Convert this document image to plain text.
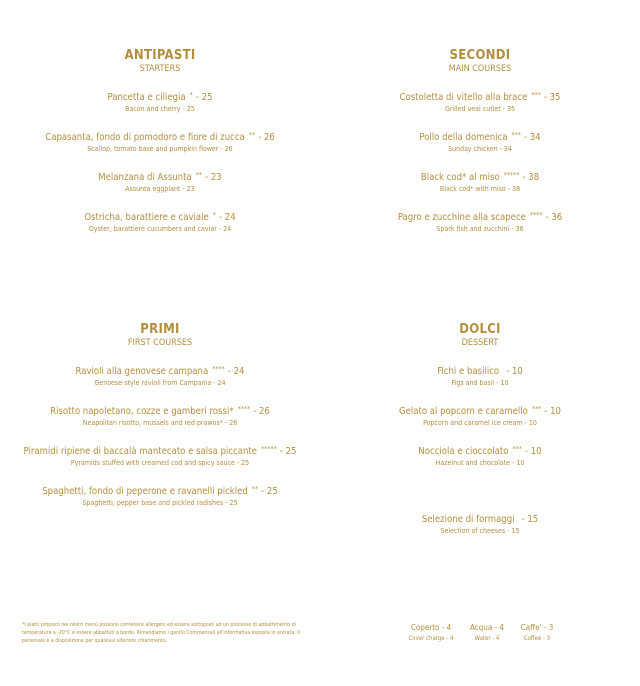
ANTIPASTI
STARTERS
Pancetta e ciliegia * - 25
Bacon and cherry - 25
Capasanta, fondo di pomodoro e fiore di zucca ** - 26
Scallop, tomato base and pumpkin flower - 26
Melanzana di Assunta ** - 23
Assunta eggplant - 23
Ostricha, barattiere e caviale * - 24
Oyster, barattiere cucumbers and caviar - 24
SECONDI
MAIN COURSES
Costoletta di vitello alla brace *** - 35
Grilled veal cutlet - 35
Pollo della domenica *** - 34
Sunday chicken - 34
Black cod* al miso ***** - 38
Black cod* with miso - 38
Pagro e zucchine alla scapece **** - 36
Spark fish and zucchini - 36
PRIMI
FIRST COURSES
Ravioli alla genovese campana **** - 24
Genoese-style ravioli from Campania - 24
Risotto napoletano, cozze e gamberi rossi* **** - 26
Neapolitan risotto, mussels and red prawns* - 26
Piramidi ripiene di baccalà mantecato e salsa piccante ***** - 25
Pyramids stuffed with creamed cod and spicy sauce - 25
Spaghetti, fondo di peperone e ravanelli pickled ** - 25
Spaghetti, pepper base and pickled radishes - 25
DOLCI
DESSERT
Fichi e basilico - 10
Figs and basil - 10
Gelato al popcorn e caramello *** - 10
Popcorn and caramel ice cream - 10
Nocciola e cioccolato *** - 10
Hazelnut and chocolate - 10
Selezione di formaggi - 15
Selection of cheeses - 15
*I piatti proposti nei nostri menù possono contenere allergeni ed essere sottoposti ad un processo di abbattimento di temperatura a -20°C e essere abbattuti a bordo. Rimandiamo i gentili Commensali all'informativa esposta in entrata. Il personale è a disposizione per qualsiasi ulteriore chiarimento.
Coperto - 4
Cover charge - 4
Acqua - 4
Water - 4
Caffe' - 3
Coffee - 3
